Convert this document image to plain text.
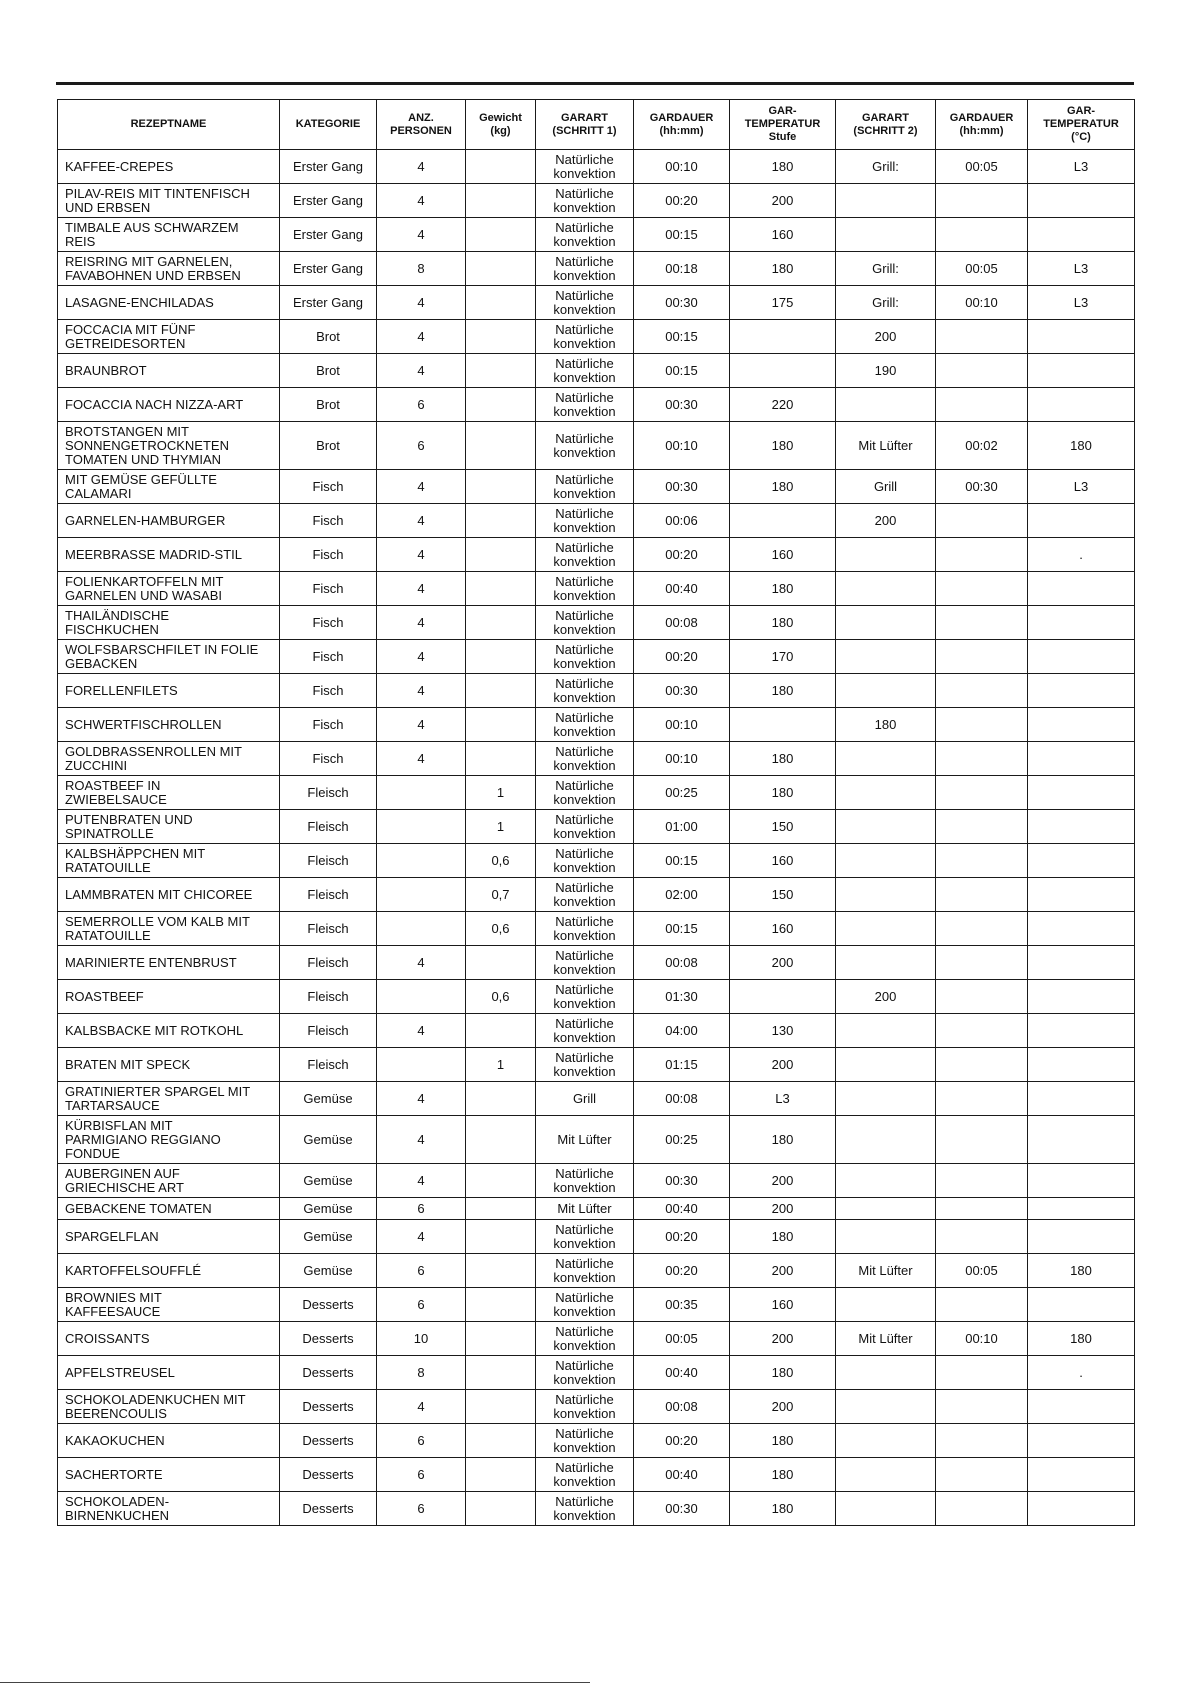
REZEPTNAME	KATEGORIE	ANZ.
PERSONEN	Gewicht
(kg)	GARART
(SCHRITT 1)	GARDAUER
(hh:mm)	GAR-
TEMPERATUR
Stufe	GARART
(SCHRITT 2)	GARDAUER
(hh:mm)	GAR-
TEMPERATUR
(°C)

KAFFEE-CREPES	Erster Gang	4		Natürliche
konvektion	00:10	180	Grill:	00:05	L3
PILAV-REIS MIT TINTENFISCH
UND ERBSEN	Erster Gang	4		Natürliche
konvektion	00:20	200			
TIMBALE AUS SCHWARZEM
REIS	Erster Gang	4		Natürliche
konvektion	00:15	160			
REISRING MIT GARNELEN,
FAVABOHNEN UND ERBSEN	Erster Gang	8		Natürliche
konvektion	00:18	180	Grill:	00:05	L3
LASAGNE-ENCHILADAS	Erster Gang	4		Natürliche
konvektion	00:30	175	Grill:	00:10	L3
FOCCACIA MIT FÜNF
GETREIDESORTEN	Brot	4		Natürliche
konvektion	00:15		200		
BRAUNBROT	Brot	4		Natürliche
konvektion	00:15		190		
FOCACCIA NACH NIZZA-ART	Brot	6		Natürliche
konvektion	00:30	220			
BROTSTANGEN MIT
SONNENGETROCKNETEN
TOMATEN UND THYMIAN	Brot	6		Natürliche
konvektion	00:10	180	Mit Lüfter	00:02	180
MIT GEMÜSE GEFÜLLTE
CALAMARI	Fisch	4		Natürliche
konvektion	00:30	180	Grill	00:30	L3
GARNELEN-HAMBURGER	Fisch	4		Natürliche
konvektion	00:06		200		
MEERBRASSE MADRID-STIL	Fisch	4		Natürliche
konvektion	00:20	160			.
FOLIENKARTOFFELN MIT
GARNELEN UND WASABI	Fisch	4		Natürliche
konvektion	00:40	180			
THAILÄNDISCHE
FISCHKUCHEN	Fisch	4		Natürliche
konvektion	00:08	180			
WOLFSBARSCHFILET IN FOLIE
GEBACKEN	Fisch	4		Natürliche
konvektion	00:20	170			
FORELLENFILETS	Fisch	4		Natürliche
konvektion	00:30	180			
SCHWERTFISCHROLLEN	Fisch	4		Natürliche
konvektion	00:10		180		
GOLDBRASSENROLLEN MIT
ZUCCHINI	Fisch	4		Natürliche
konvektion	00:10	180			
ROASTBEEF IN
ZWIEBELSAUCE	Fleisch		1	Natürliche
konvektion	00:25	180			
PUTENBRATEN UND
SPINATROLLE	Fleisch		1	Natürliche
konvektion	01:00	150			
KALBSHÄPPCHEN MIT
RATATOUILLE	Fleisch		0,6	Natürliche
konvektion	00:15	160			
LAMMBRATEN MIT CHICOREE	Fleisch		0,7	Natürliche
konvektion	02:00	150			
SEMERROLLE VOM KALB MIT
RATATOUILLE	Fleisch		0,6	Natürliche
konvektion	00:15	160			
MARINIERTE ENTENBRUST	Fleisch	4		Natürliche
konvektion	00:08	200			
ROASTBEEF	Fleisch		0,6	Natürliche
konvektion	01:30		200		
KALBSBACKE MIT ROTKOHL	Fleisch	4		Natürliche
konvektion	04:00	130			
BRATEN MIT SPECK	Fleisch		1	Natürliche
konvektion	01:15	200			
GRATINIERTER SPARGEL MIT
TARTARSAUCE	Gemüse	4		Grill	00:08	L3			
KÜRBISFLAN MIT
PARMIGIANO REGGIANO
FONDUE	Gemüse	4		Mit Lüfter	00:25	180			
AUBERGINEN AUF
GRIECHISCHE ART	Gemüse	4		Natürliche
konvektion	00:30	200			
GEBACKENE TOMATEN	Gemüse	6		Mit Lüfter	00:40	200			
SPARGELFLAN	Gemüse	4		Natürliche
konvektion	00:20	180			
KARTOFFELSOUFFLÉ	Gemüse	6		Natürliche
konvektion	00:20	200	Mit Lüfter	00:05	180
BROWNIES MIT
KAFFEESAUCE	Desserts	6		Natürliche
konvektion	00:35	160			
CROISSANTS	Desserts	10		Natürliche
konvektion	00:05	200	Mit Lüfter	00:10	180
APFELSTREUSEL	Desserts	8		Natürliche
konvektion	00:40	180			.
SCHOKOLADENKUCHEN MIT
BEERENCOULIS	Desserts	4		Natürliche
konvektion	00:08	200			
KAKAOKUCHEN	Desserts	6		Natürliche
konvektion	00:20	180			
SACHERTORTE	Desserts	6		Natürliche
konvektion	00:40	180			
SCHOKOLADEN-
BIRNENKUCHEN	Desserts	6		Natürliche
konvektion	00:30	180			
